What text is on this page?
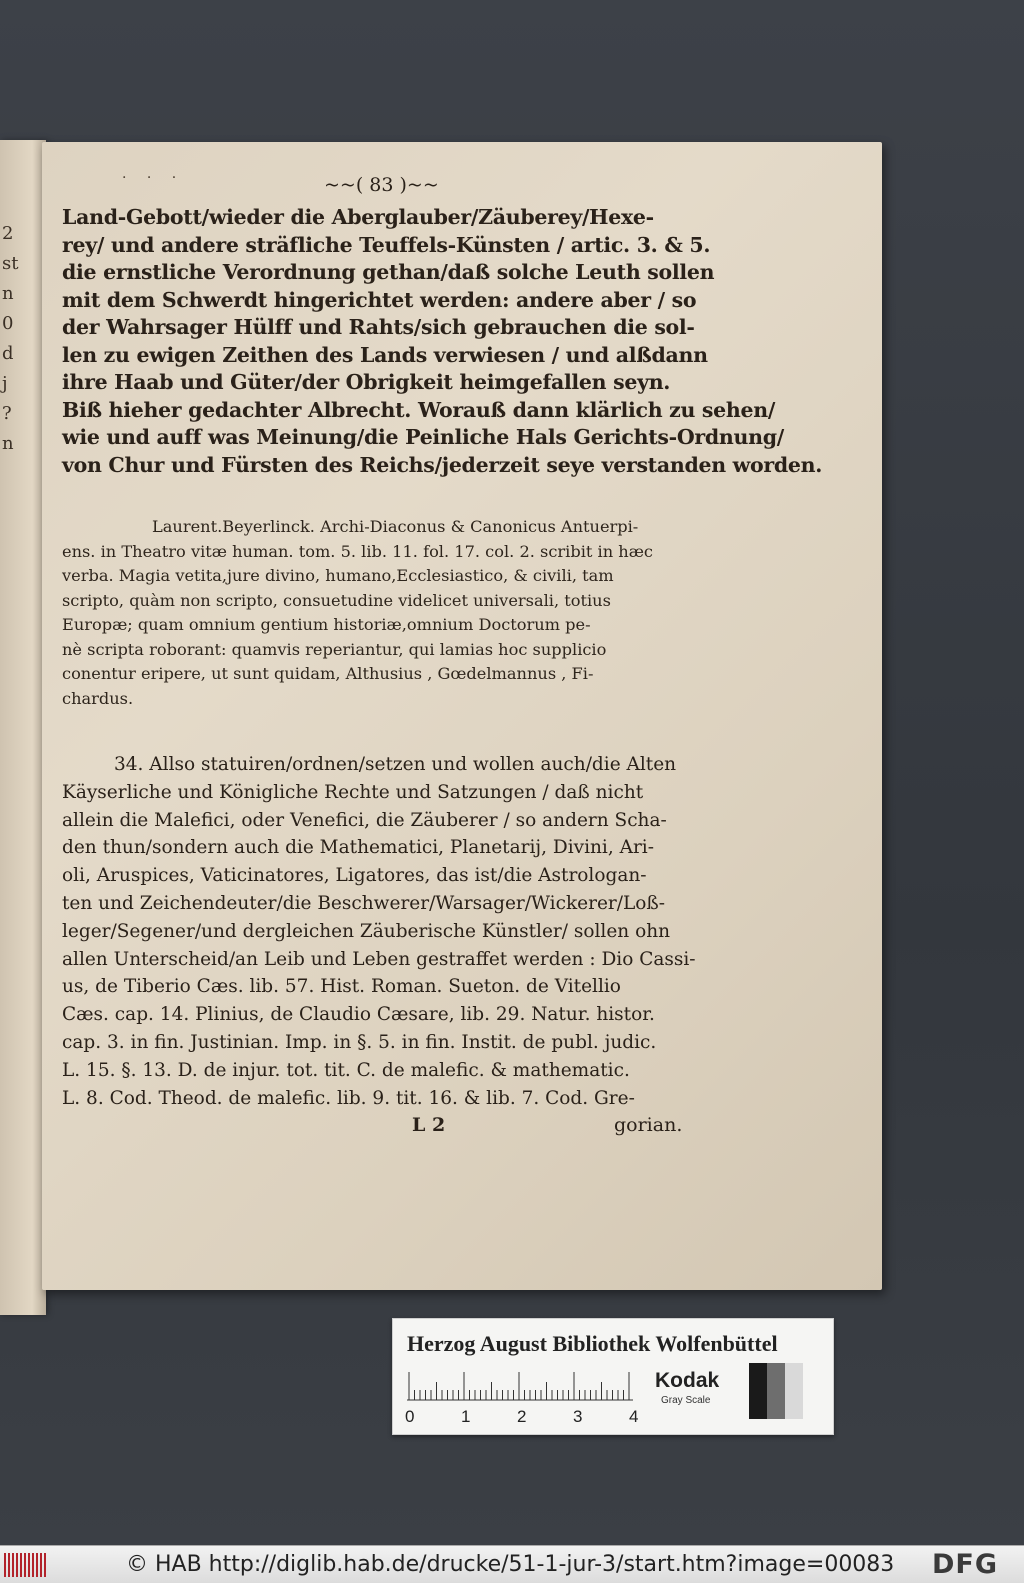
2
st
n
0
d
j
?
n
· · ·	~~( 83 )~~

Land-Gebott/wieder die Aberglauber/Zäuberey/Hexe-

rey/ und andere sträfliche Teuffels-Künsten / artic. 3. & 5.

die ernstliche Verordnung gethan/daß solche Leuth sollen

mit dem Schwerdt hingerichtet werden: andere aber / so

der Wahrsager Hülff und Rahts/sich gebrauchen die sol-

len zu ewigen Zeithen des Lands verwiesen / und alßdann

ihre Haab und Güter/der Obrigkeit heimgefallen seyn.

Biß hieher gedachter Albrecht. Worauß dann klärlich zu sehen/

wie und auff was Meinung/die Peinliche Hals Gerichts-Ordnung/

von Chur und Fürsten des Reichs/jederzeit seye verstanden worden.

Laurent.Beyerlinck. Archi-Diaconus & Canonicus Antuerpi-

ens. in Theatro vitæ human. tom. 5. lib. 11. fol. 17. col. 2. scribit in hæc

verba. Magia vetita,jure divino, humano,Ecclesiastico, & civili, tam

scripto, quàm non scripto, consuetudine videlicet universali, totius

Europæ; quam omnium gentium historiæ,omnium Doctorum pe-

nè scripta roborant: quamvis reperiantur, qui lamias hoc supplicio

conentur eripere, ut sunt quidam, Althusius , Gœdelmannus , Fi-

chardus.

34. Allso statuiren/ordnen/setzen und wollen auch/die Alten

Käyserliche und Königliche Rechte und Satzungen / daß nicht

allein die Malefici, oder Venefici, die Zäuberer / so andern Scha-

den thun/sondern auch die Mathematici, Planetarij, Divini, Ari-

oli, Aruspices, Vaticinatores, Ligatores, das ist/die Astrologan-

ten und Zeichendeuter/die Beschwerer/Warsager/Wickerer/Loß-

leger/Segener/und dergleichen Zäuberische Künstler/ sollen ohn

allen Unterscheid/an Leib und Leben gestraffet werden : Dio Cassi-

us, de Tiberio Cæs. lib. 57. Hist. Roman. Sueton. de Vitellio

Cæs. cap. 14. Plinius, de Claudio Cæsare, lib. 29. Natur. histor.

cap. 3. in fin. Justinian. Imp. in §. 5. in fin. Instit. de publ. judic.

L. 15. §. 13. D. de injur. tot. tit. C. de malefic. & mathematic.

L. 8. Cod. Theod. de malefic. lib. 9. tit. 16. & lib. 7. Cod. Gre-

L 2	gorian.
Herzog August Bibliothek Wolfenbüttel
0	1	2	3	4
Kodak
Gray Scale
© HAB http://diglib.hab.de/drucke/51-1-jur-3/start.htm?image=00083 DFG
